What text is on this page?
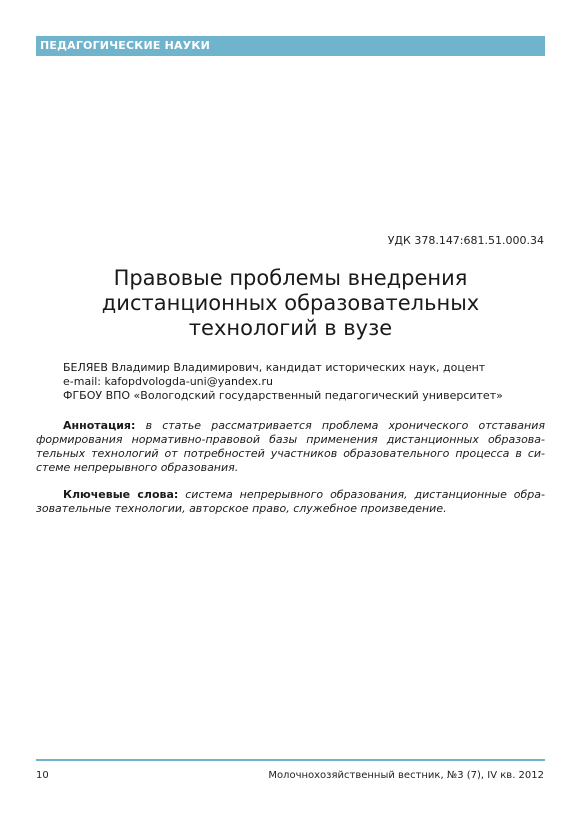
ПЕДАГОГИЧЕСКИЕ НАУКИ
УДК 378.147:681.51.000.34
Правовые проблемы внедрения
дистанционных образовательных
технологий в вузе
БЕЛЯЕВ Владимир Владимирович, кандидат исторических наук, доцент
e-mail: kafopdvologda-uni@yandex.ru
ФГБОУ ВПО «Вологодский государственный педагогический университет»
Аннотация: в статье рассматривается проблема хронического отставания
формирования нормативно-правовой базы применения дистанционных образова-
тельных технологий от потребностей участников образовательного процесса в си-
стеме непрерывного образования.
Ключевые слова: система непрерывного образования, дистанционные обра-
зовательные технологии, авторское право, служебное произведение.
10	Молочнохозяйственный вестник, №3 (7), IV кв. 2012
